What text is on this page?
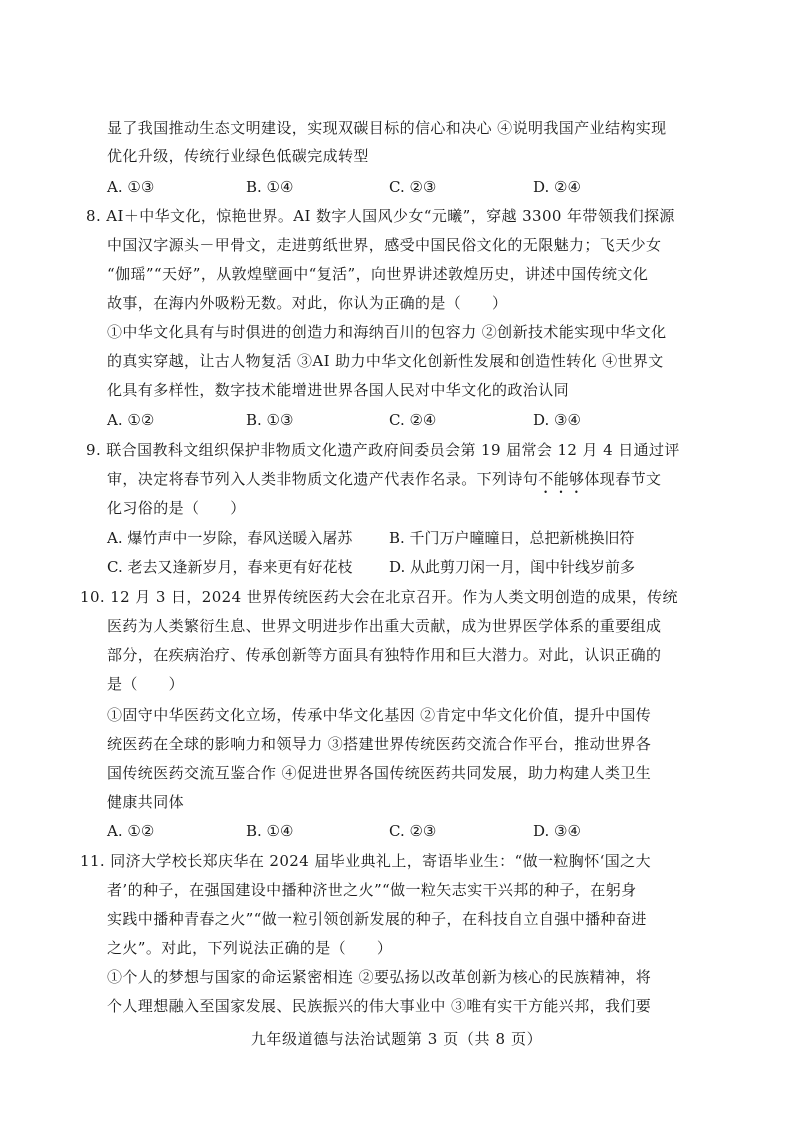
显了我国推动生态文明建设，实现双碳目标的信心和决心 ④说明我国产业结构实现
优化升级，传统行业绿色低碳完成转型
A. ①③	B. ①④	C. ②③	D. ②④
8. AI＋中华文化，惊艳世界。AI 数字人国风少女“元曦”，穿越 3300 年带领我们探源
中国汉字源头－甲骨文，走进剪纸世界，感受中国民俗文化的无限魅力；飞天少女
“伽瑶”“天妤”，从敦煌壁画中“复活”，向世界讲述敦煌历史，讲述中国传统文化
故事，在海内外吸粉无数。对此，你认为正确的是（　　）
①中华文化具有与时俱进的创造力和海纳百川的包容力 ②创新技术能实现中华文化
的真实穿越，让古人物复活 ③AI 助力中华文化创新性发展和创造性转化 ④世界文
化具有多样性，数字技术能增进世界各国人民对中华文化的政治认同
A. ①②	B. ①③	C. ②④	D. ③④
9. 联合国教科文组织保护非物质文化遗产政府间委员会第 19 届常会 12 月 4 日通过评
审，决定将春节列入人类非物质文化遗产代表作名录。下列诗句不能够体现春节文
化习俗的是（　　）
A. 爆竹声中一岁除，春风送暖入屠苏 B. 千门万户曈曈日，总把新桃换旧符
C. 老去又逢新岁月，春来更有好花枝 D. 从此剪刀闲一月，闺中针线岁前多
10. 12 月 3 日，2024 世界传统医药大会在北京召开。作为人类文明创造的成果，传统
医药为人类繁衍生息、世界文明进步作出重大贡献，成为世界医学体系的重要组成
部分，在疾病治疗、传承创新等方面具有独特作用和巨大潜力。对此，认识正确的
是（　　）
①固守中华医药文化立场，传承中华文化基因 ②肯定中华文化价值，提升中国传
统医药在全球的影响力和领导力 ③搭建世界传统医药交流合作平台，推动世界各
国传统医药交流互鉴合作 ④促进世界各国传统医药共同发展，助力构建人类卫生
健康共同体
A. ①②	B. ①④	C. ②③	D. ③④
11. 同济大学校长郑庆华在 2024 届毕业典礼上，寄语毕业生：“做一粒胸怀‘国之大
者’的种子，在强国建设中播种济世之火”“做一粒矢志实干兴邦的种子，在躬身
实践中播种青春之火”“做一粒引领创新发展的种子，在科技自立自强中播种奋进
之火”。对此，下列说法正确的是（　　）
①个人的梦想与国家的命运紧密相连 ②要弘扬以改革创新为核心的民族精神，将
个人理想融入至国家发展、民族振兴的伟大事业中 ③唯有实干方能兴邦，我们要
九年级道德与法治试题第 3 页（共 8 页）
